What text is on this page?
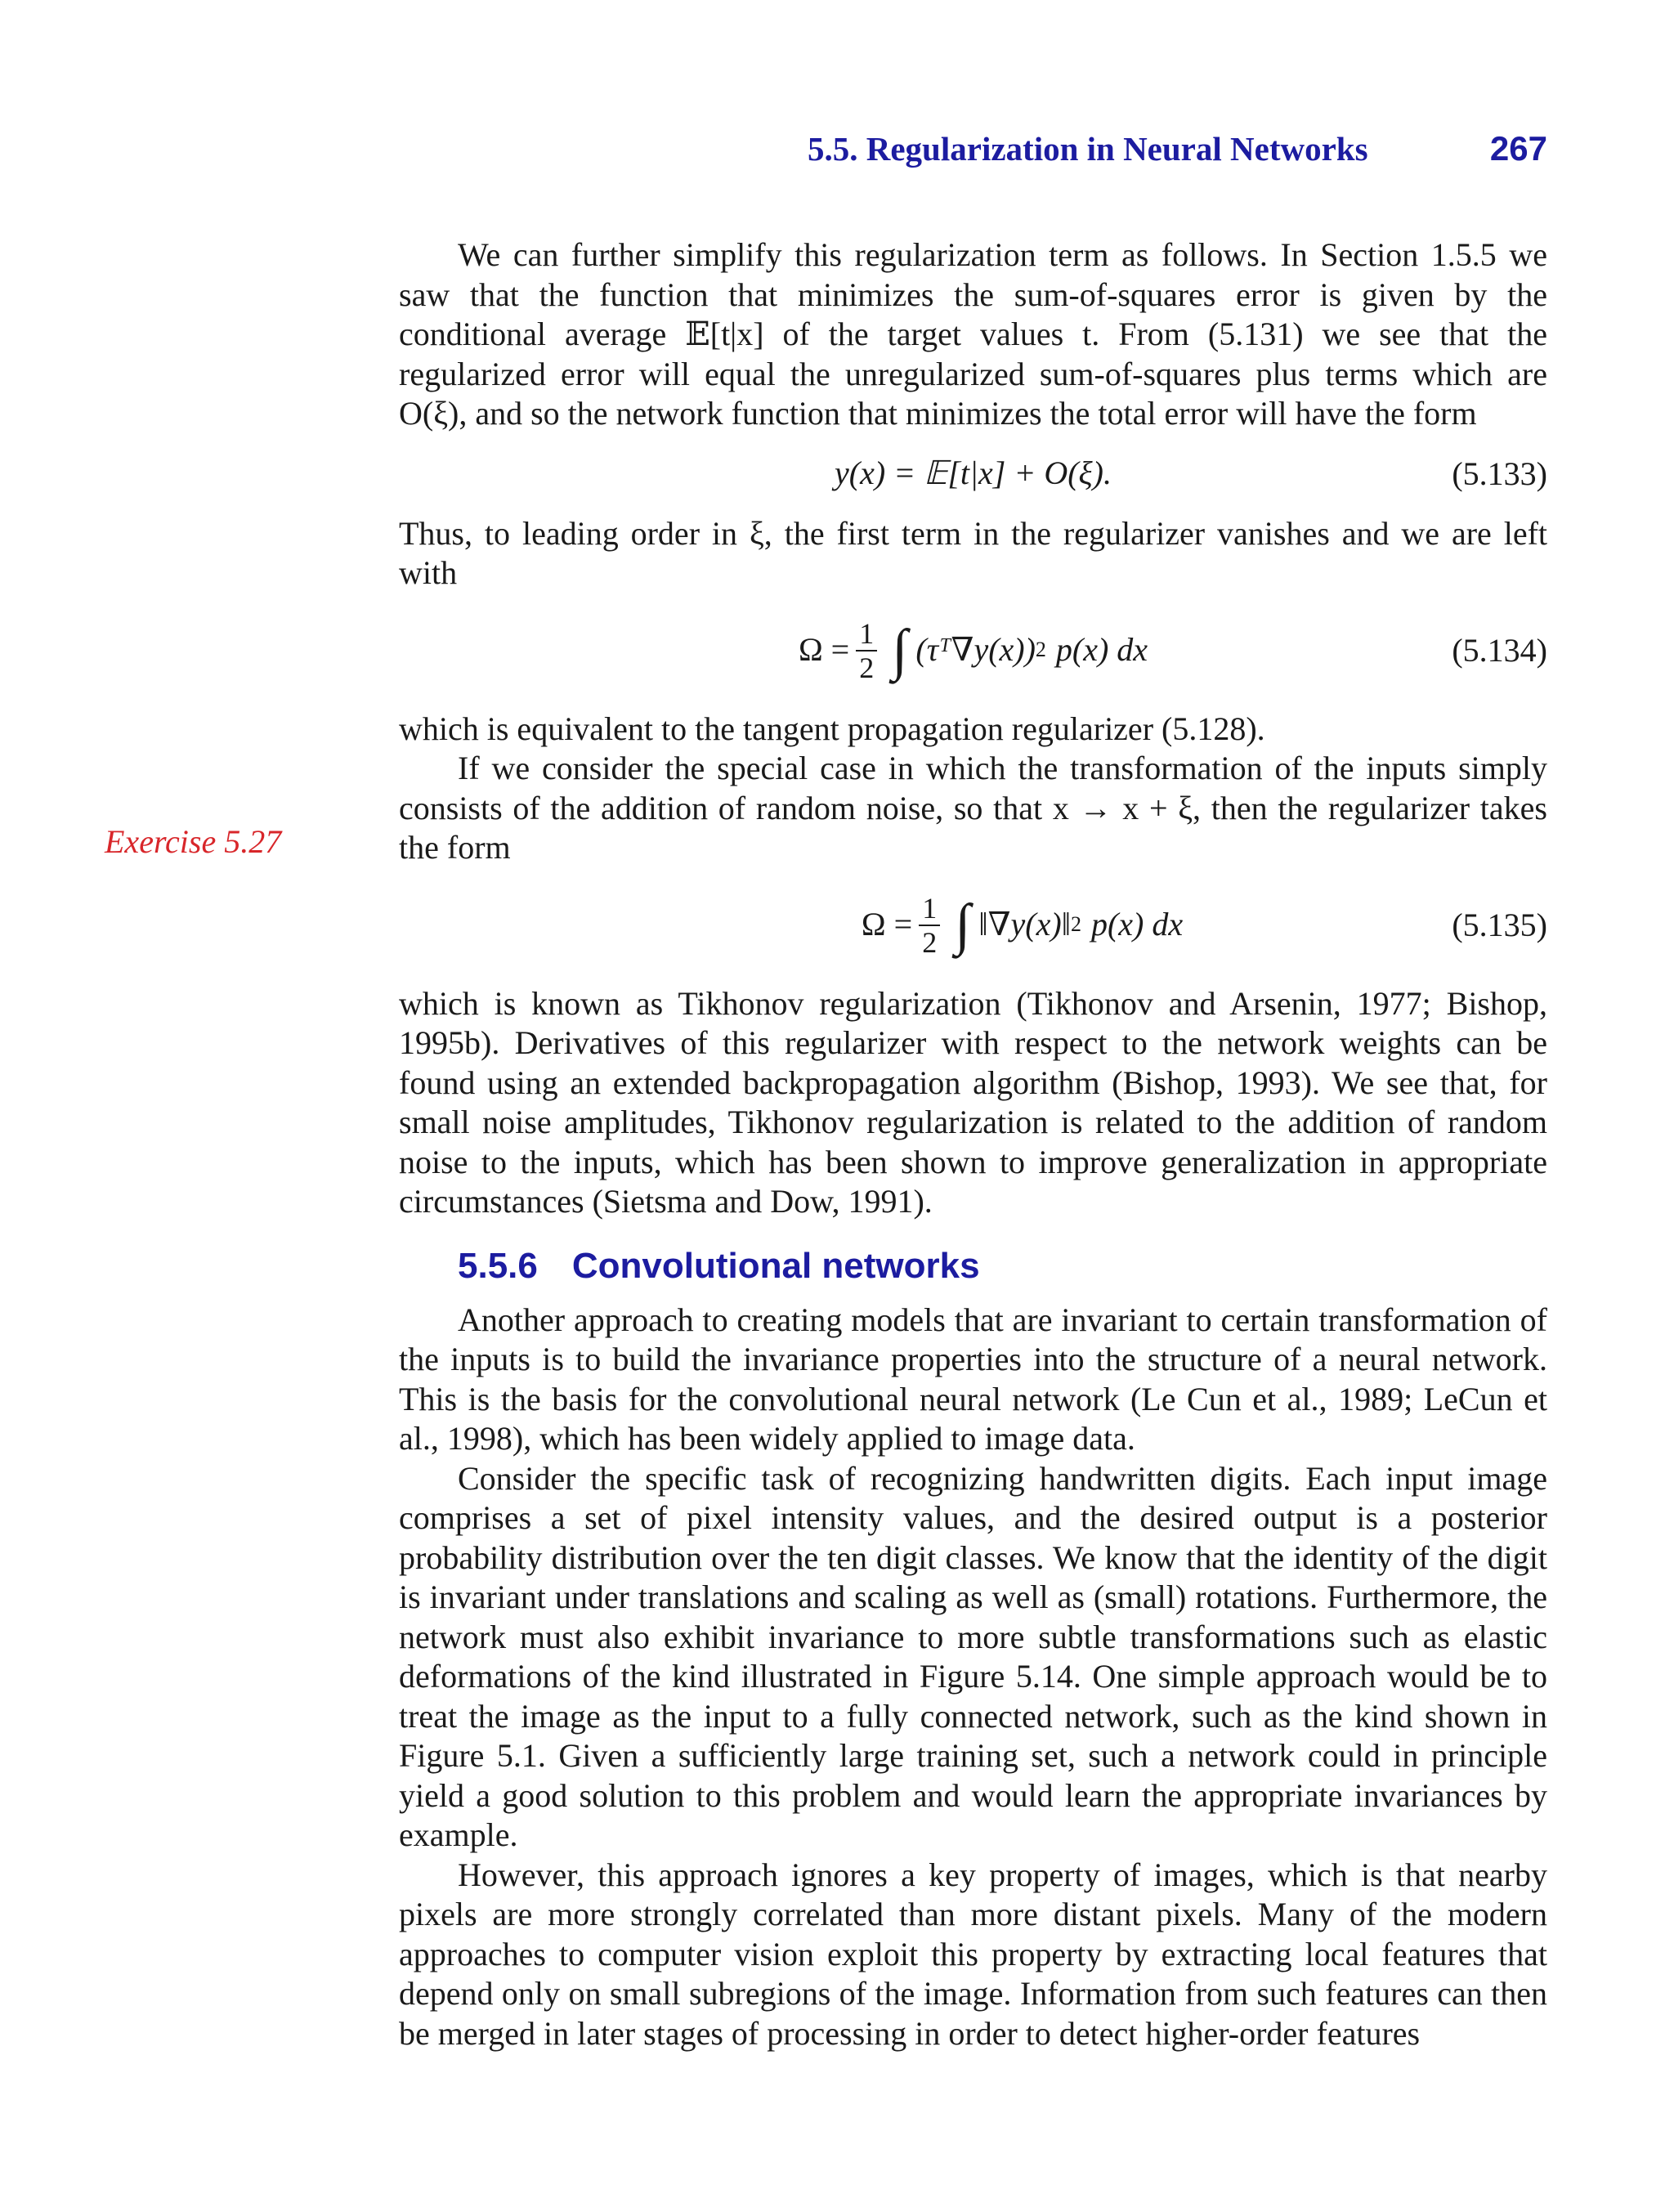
5.5. Regularization in Neural Networks	267
Exercise 5.27

We can further simplify this regularization term as follows. In Section 1.5.5 we saw that the function that minimizes the sum-of-squares error is given by the conditional average 𝔼[t|x] of the target values t. From (5.131) we see that the regularized error will equal the unregularized sum-of-squares plus terms which are O(ξ), and so the network function that minimizes the total error will have the form

y(x) = 𝔼[t|x] + O(ξ).	(5.133)

Thus, to leading order in ξ, the first term in the regularizer vanishes and we are left with

$\Omega = \frac{1}{2}$ ∫ (τᵀ∇y(x)) 2 p(x) dx	(5.134)

which is equivalent to the tangent propagation regularizer (5.128).

If we consider the special case in which the transformation of the inputs simply consists of the addition of random noise, so that x → x + ξ, then the regularizer takes the form

$\Omega = \frac{1}{2}$ ∫ ‖∇y(x)‖ 2 p(x) dx	(5.135)

which is known as Tikhonov regularization (Tikhonov and Arsenin, 1977; Bishop, 1995b). Derivatives of this regularizer with respect to the network weights can be found using an extended backpropagation algorithm (Bishop, 1993). We see that, for small noise amplitudes, Tikhonov regularization is related to the addition of random noise to the inputs, which has been shown to improve generalization in appropriate circumstances (Sietsma and Dow, 1991).

5.5.6 Convolutional networks

Another approach to creating models that are invariant to certain transformation of the inputs is to build the invariance properties into the structure of a neural network. This is the basis for the convolutional neural network (Le Cun et al., 1989; LeCun et al., 1998), which has been widely applied to image data.

Consider the specific task of recognizing handwritten digits. Each input image comprises a set of pixel intensity values, and the desired output is a posterior probability distribution over the ten digit classes. We know that the identity of the digit is invariant under translations and scaling as well as (small) rotations. Furthermore, the network must also exhibit invariance to more subtle transformations such as elastic deformations of the kind illustrated in Figure 5.14. One simple approach would be to treat the image as the input to a fully connected network, such as the kind shown in Figure 5.1. Given a sufficiently large training set, such a network could in principle yield a good solution to this problem and would learn the appropriate invariances by example.

However, this approach ignores a key property of images, which is that nearby pixels are more strongly correlated than more distant pixels. Many of the modern approaches to computer vision exploit this property by extracting local features that depend only on small subregions of the image. Information from such features can then be merged in later stages of processing in order to detect higher-order features
